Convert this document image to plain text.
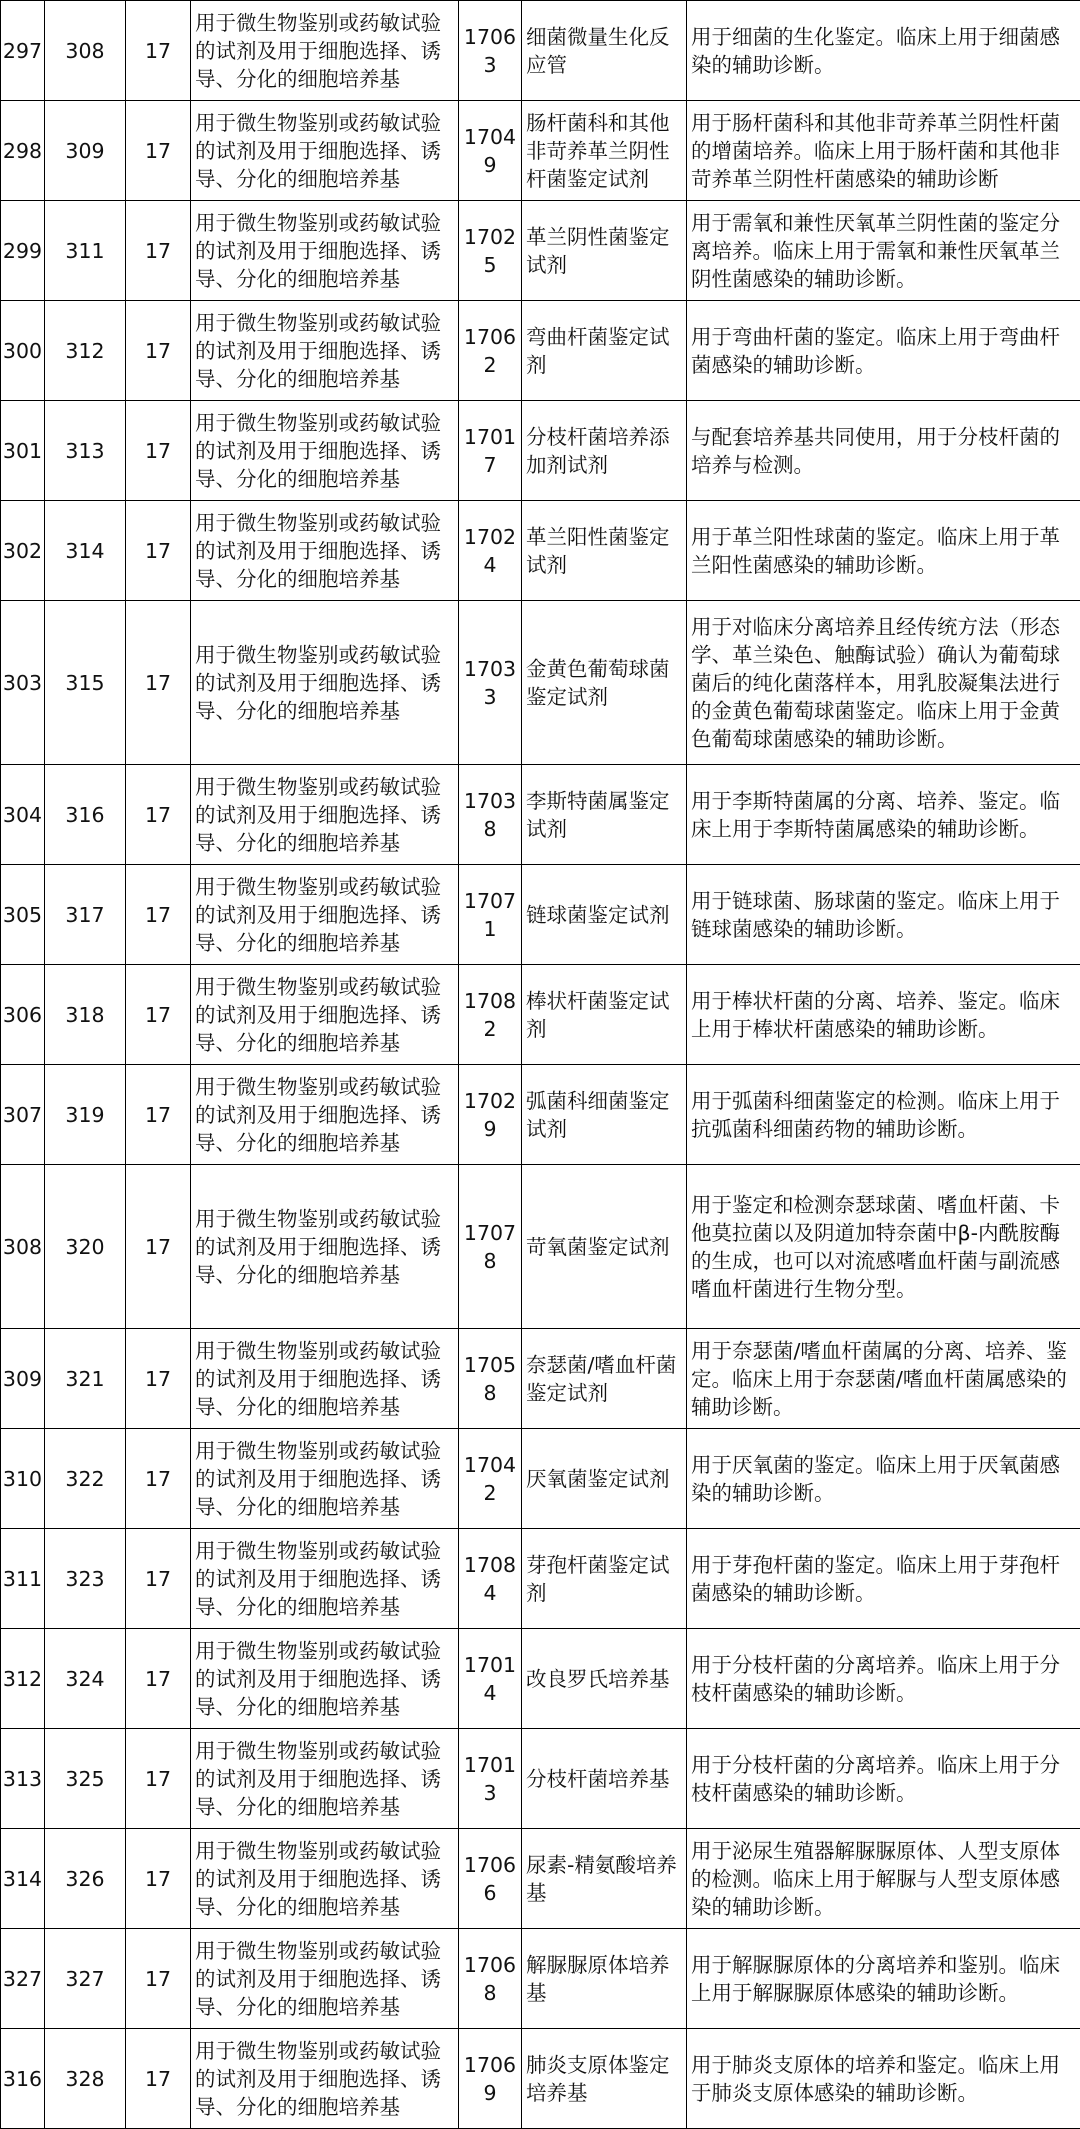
297	308	17	用于微生物鉴别或药敏试验的试剂及用于细胞选择、诱导、分化的细胞培养基	17063	细菌微量生化反应管	用于细菌的生化鉴定。临床上用于细菌感染的辅助诊断。
298	309	17	用于微生物鉴别或药敏试验的试剂及用于细胞选择、诱导、分化的细胞培养基	17049	肠杆菌科和其他非苛养革兰阴性杆菌鉴定试剂	用于肠杆菌科和其他非苛养革兰阴性杆菌的增菌培养。临床上用于肠杆菌和其他非苛养革兰阴性杆菌感染的辅助诊断
299	311	17	用于微生物鉴别或药敏试验的试剂及用于细胞选择、诱导、分化的细胞培养基	17025	革兰阴性菌鉴定试剂	用于需氧和兼性厌氧革兰阴性菌的鉴定分离培养。临床上用于需氧和兼性厌氧革兰阴性菌感染的辅助诊断。
300	312	17	用于微生物鉴别或药敏试验的试剂及用于细胞选择、诱导、分化的细胞培养基	17062	弯曲杆菌鉴定试剂	用于弯曲杆菌的鉴定。临床上用于弯曲杆菌感染的辅助诊断。
301	313	17	用于微生物鉴别或药敏试验的试剂及用于细胞选择、诱导、分化的细胞培养基	17017	分枝杆菌培养添加剂试剂	与配套培养基共同使用，用于分枝杆菌的培养与检测。
302	314	17	用于微生物鉴别或药敏试验的试剂及用于细胞选择、诱导、分化的细胞培养基	17024	革兰阳性菌鉴定试剂	用于革兰阳性球菌的鉴定。临床上用于革兰阳性菌感染的辅助诊断。
303	315	17	用于微生物鉴别或药敏试验的试剂及用于细胞选择、诱导、分化的细胞培养基	17033	金黄色葡萄球菌鉴定试剂	用于对临床分离培养且经传统方法（形态学、革兰染色、触酶试验）确认为葡萄球菌后的纯化菌落样本，用乳胶凝集法进行的金黄色葡萄球菌鉴定。临床上用于金黄色葡萄球菌感染的辅助诊断。
304	316	17	用于微生物鉴别或药敏试验的试剂及用于细胞选择、诱导、分化的细胞培养基	17038	李斯特菌属鉴定试剂	用于李斯特菌属的分离、培养、鉴定。临床上用于李斯特菌属感染的辅助诊断。
305	317	17	用于微生物鉴别或药敏试验的试剂及用于细胞选择、诱导、分化的细胞培养基	17071	链球菌鉴定试剂	用于链球菌、肠球菌的鉴定。临床上用于链球菌感染的辅助诊断。
306	318	17	用于微生物鉴别或药敏试验的试剂及用于细胞选择、诱导、分化的细胞培养基	17082	棒状杆菌鉴定试剂	用于棒状杆菌的分离、培养、鉴定。临床上用于棒状杆菌感染的辅助诊断。
307	319	17	用于微生物鉴别或药敏试验的试剂及用于细胞选择、诱导、分化的细胞培养基	17029	弧菌科细菌鉴定试剂	用于弧菌科细菌鉴定的检测。临床上用于抗弧菌科细菌药物的辅助诊断。
308	320	17	用于微生物鉴别或药敏试验的试剂及用于细胞选择、诱导、分化的细胞培养基	17078	苛氧菌鉴定试剂	用于鉴定和检测奈瑟球菌、嗜血杆菌、卡他莫拉菌以及阴道加特奈菌中β-内酰胺酶的生成，也可以对流感嗜血杆菌与副流感嗜血杆菌进行生物分型。
309	321	17	用于微生物鉴别或药敏试验的试剂及用于细胞选择、诱导、分化的细胞培养基	17058	奈瑟菌/嗜血杆菌鉴定试剂	用于奈瑟菌/嗜血杆菌属的分离、培养、鉴定。临床上用于奈瑟菌/嗜血杆菌属感染的辅助诊断。
310	322	17	用于微生物鉴别或药敏试验的试剂及用于细胞选择、诱导、分化的细胞培养基	17042	厌氧菌鉴定试剂	用于厌氧菌的鉴定。临床上用于厌氧菌感染的辅助诊断。
311	323	17	用于微生物鉴别或药敏试验的试剂及用于细胞选择、诱导、分化的细胞培养基	17084	芽孢杆菌鉴定试剂	用于芽孢杆菌的鉴定。临床上用于芽孢杆菌感染的辅助诊断。
312	324	17	用于微生物鉴别或药敏试验的试剂及用于细胞选择、诱导、分化的细胞培养基	17014	改良罗氏培养基	用于分枝杆菌的分离培养。临床上用于分枝杆菌感染的辅助诊断。
313	325	17	用于微生物鉴别或药敏试验的试剂及用于细胞选择、诱导、分化的细胞培养基	17013	分枝杆菌培养基	用于分枝杆菌的分离培养。临床上用于分枝杆菌感染的辅助诊断。
314	326	17	用于微生物鉴别或药敏试验的试剂及用于细胞选择、诱导、分化的细胞培养基	17066	尿素-精氨酸培养基	用于泌尿生殖器解脲脲原体、人型支原体的检测。临床上用于解脲与人型支原体感染的辅助诊断。
327	327	17	用于微生物鉴别或药敏试验的试剂及用于细胞选择、诱导、分化的细胞培养基	17068	解脲脲原体培养基	用于解脲脲原体的分离培养和鉴别。临床上用于解脲脲原体感染的辅助诊断。
316	328	17	用于微生物鉴别或药敏试验的试剂及用于细胞选择、诱导、分化的细胞培养基	17069	肺炎支原体鉴定培养基	用于肺炎支原体的培养和鉴定。临床上用于肺炎支原体感染的辅助诊断。
